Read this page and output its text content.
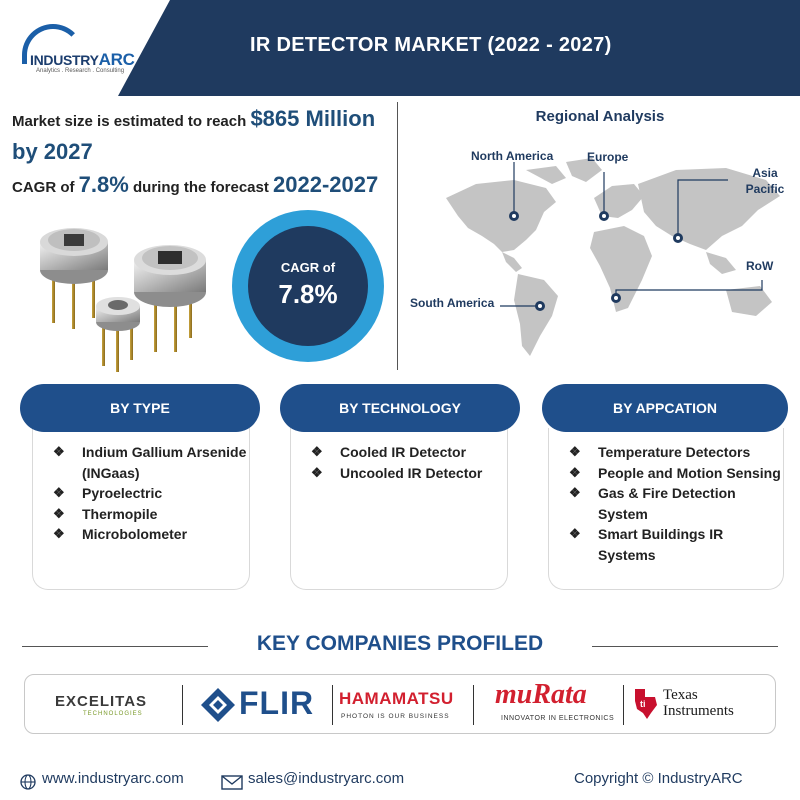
INDUSTRYARC
Analytics . Research . Consulting
IR DETECTOR MARKET (2022 - 2027)
Market size is estimated to reach $865 Million by 2027
CAGR of 7.8% during the forecast 2022-2027
CAGR of
7.8%
Regional Analysis
North America	Europe
Asia Pacific
RoW
South America
❖ Indium Gallium Arsenide (INGaas)
❖ Pyroelectric
❖ Thermopile
❖ Microbolometer
BY TYPE
❖ Cooled IR Detector
❖ Uncooled IR Detector
BY TECHNOLOGY
❖ Temperature Detectors
❖ People and Motion Sensing
❖ Gas & Fire Detection System
❖ Smart Buildings IR Systems
BY APPCATION
KEY COMPANIES PROFILED
EXCELITAS
TECHNOLOGIES	FLIR HAMAMATSU
PHOTON IS OUR BUSINESS
muRata
INNOVATOR IN ELECTRONICS
ti
Texas
Instruments
www.industryarc.com	sales@industryarc.com	Copyright © IndustryARC
